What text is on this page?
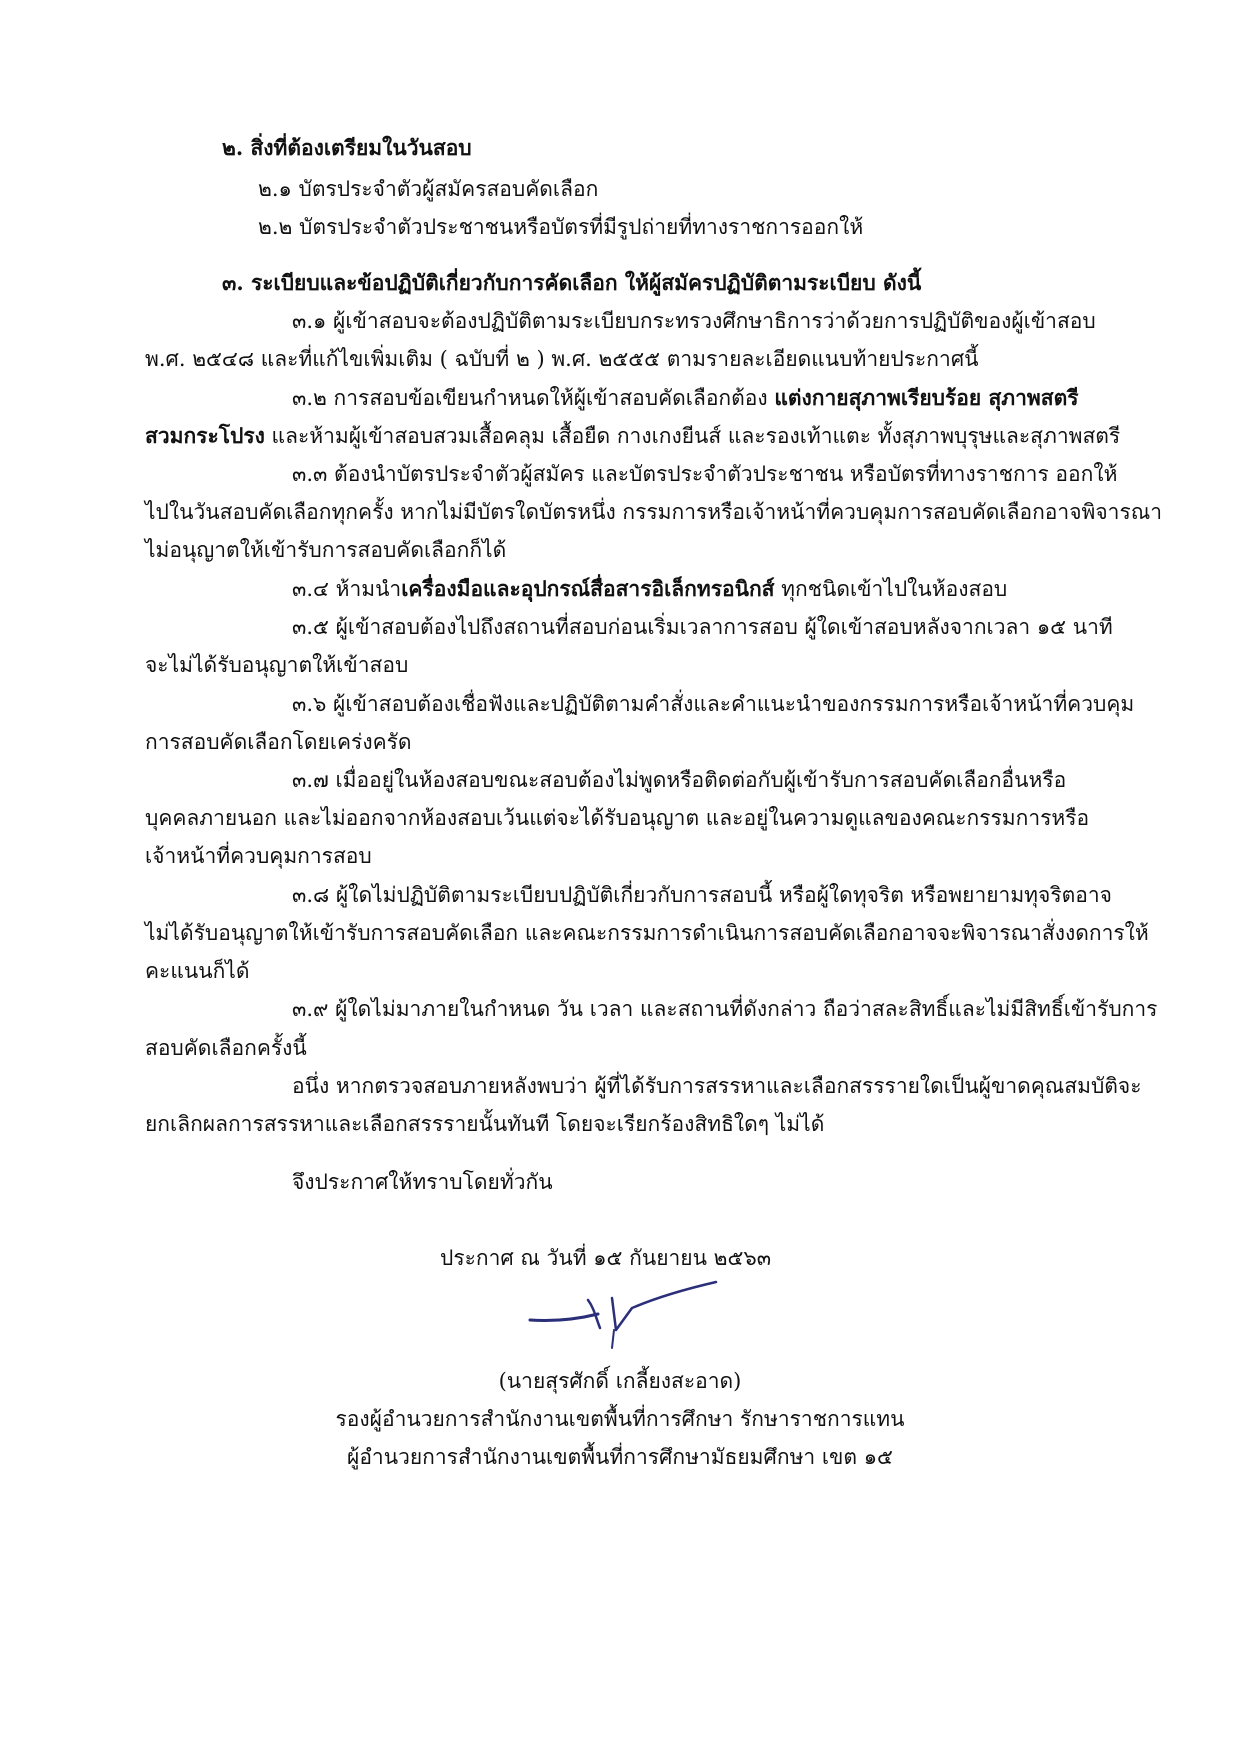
๒. สิ่งที่ต้องเตรียมในวันสอบ
๒.๑ บัตรประจำตัวผู้สมัครสอบคัดเลือก
๒.๒ บัตรประจำตัวประชาชนหรือบัตรที่มีรูปถ่ายที่ทางราชการออกให้
๓. ระเบียบและข้อปฏิบัติเกี่ยวกับการคัดเลือก ให้ผู้สมัครปฏิบัติตามระเบียบ ดังนี้
๓.๑ ผู้เข้าสอบจะต้องปฏิบัติตามระเบียบกระทรวงศึกษาธิการว่าด้วยการปฏิบัติของผู้เข้าสอบ
พ.ศ. ๒๕๔๘ และที่แก้ไขเพิ่มเติม ( ฉบับที่ ๒ ) พ.ศ. ๒๕๕๕ ตามรายละเอียดแนบท้ายประกาศนี้
๓.๒ การสอบข้อเขียนกำหนดให้ผู้เข้าสอบคัดเลือกต้อง แต่งกายสุภาพเรียบร้อย สุภาพสตรี
สวมกระโปรง และห้ามผู้เข้าสอบสวมเสื้อคลุม เสื้อยืด กางเกงยีนส์ และรองเท้าแตะ ทั้งสุภาพบุรุษและสุภาพสตรี
๓.๓ ต้องนำบัตรประจำตัวผู้สมัคร และบัตรประจำตัวประชาชน หรือบัตรที่ทางราชการ ออกให้
ไปในวันสอบคัดเลือกทุกครั้ง หากไม่มีบัตรใดบัตรหนึ่ง กรรมการหรือเจ้าหน้าที่ควบคุมการสอบคัดเลือกอาจพิจารณา
ไม่อนุญาตให้เข้ารับการสอบคัดเลือกก็ได้
๓.๔ ห้ามนำเครื่องมือและอุปกรณ์สื่อสารอิเล็กทรอนิกส์ ทุกชนิดเข้าไปในห้องสอบ
๓.๕ ผู้เข้าสอบต้องไปถึงสถานที่สอบก่อนเริ่มเวลาการสอบ ผู้ใดเข้าสอบหลังจากเวลา ๑๕ นาที
จะไม่ได้รับอนุญาตให้เข้าสอบ
๓.๖ ผู้เข้าสอบต้องเชื่อฟังและปฏิบัติตามคำสั่งและคำแนะนำของกรรมการหรือเจ้าหน้าที่ควบคุม
การสอบคัดเลือกโดยเคร่งครัด
๓.๗ เมื่ออยู่ในห้องสอบขณะสอบต้องไม่พูดหรือติดต่อกับผู้เข้ารับการสอบคัดเลือกอื่นหรือ
บุคคลภายนอก และไม่ออกจากห้องสอบเว้นแต่จะได้รับอนุญาต และอยู่ในความดูแลของคณะกรรมการหรือ
เจ้าหน้าที่ควบคุมการสอบ
๓.๘ ผู้ใดไม่ปฏิบัติตามระเบียบปฏิบัติเกี่ยวกับการสอบนี้ หรือผู้ใดทุจริต หรือพยายามทุจริตอาจ
ไม่ได้รับอนุญาตให้เข้ารับการสอบคัดเลือก และคณะกรรมการดำเนินการสอบคัดเลือกอาจจะพิจารณาสั่งงดการให้
คะแนนก็ได้
๓.๙ ผู้ใดไม่มาภายในกำหนด วัน เวลา และสถานที่ดังกล่าว ถือว่าสละสิทธิ์และไม่มีสิทธิ์เข้ารับการ
สอบคัดเลือกครั้งนี้
อนึ่ง หากตรวจสอบภายหลังพบว่า ผู้ที่ได้รับการสรรหาและเลือกสรรรายใดเป็นผู้ขาดคุณสมบัติจะ
ยกเลิกผลการสรรหาและเลือกสรรรายนั้นทันที โดยจะเรียกร้องสิทธิใดๆ ไม่ได้
จึงประกาศให้ทราบโดยทั่วกัน
ประกาศ ณ วันที่ ๑๕ กันยายน ๒๕๖๓
(นายสุรศักดิ์ เกลี้ยงสะอาด)
รองผู้อำนวยการสำนักงานเขตพื้นที่การศึกษา รักษาราชการแทน
ผู้อำนวยการสำนักงานเขตพื้นที่การศึกษามัธยมศึกษา เขต ๑๕
